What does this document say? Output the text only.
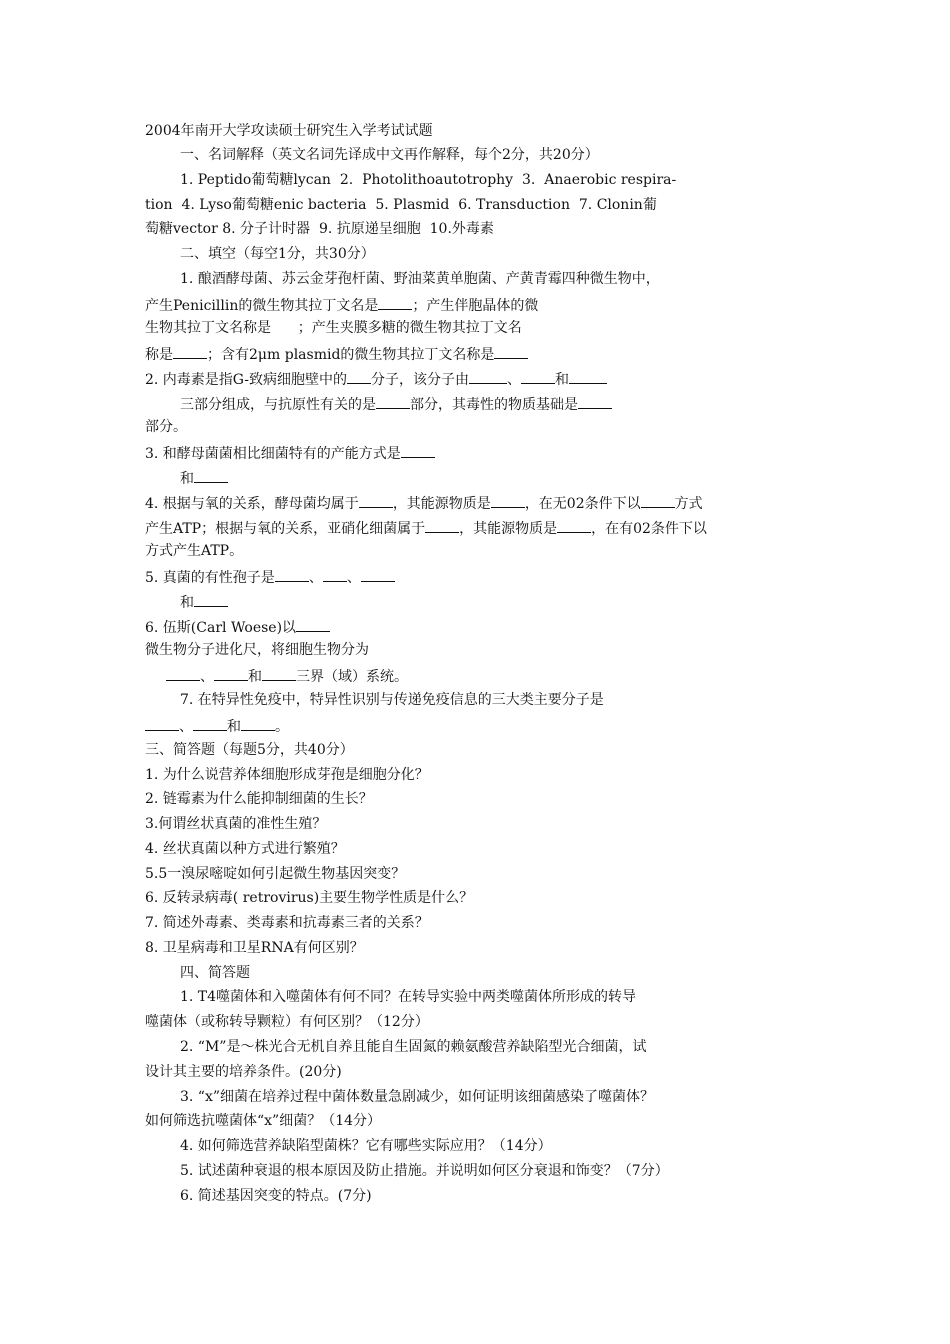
2004年南开大学攻读硕士研究生入学考试试题
一、名词解释（英文名词先译成中文再作解释，每个2分，共20分）
1. Peptido葡萄糖lycan  2.  Photolithoautotrophy  3.  Anaerobic respira-
tion  4. Lyso葡萄糖enic bacteria  5. Plasmid  6. Transduction  7. Clonin葡
萄糖vector 8. 分子计时器  9. 抗原递呈细胞  10.外毒素
二、填空（每空1分，共30分）
1. 酿酒酵母菌、苏云金芽孢杆菌、野油菜黄单胞菌、产黄青霉四种微生物中，
产生Penicillin的微生物其拉丁文名是 ；产生伴胞晶体的微
生物其拉丁文名称是      ；产生夹膜多糖的微生物其拉丁文名
称是 ；含有2μm plasmid的微生物其拉丁文名称是
2. 内毒素是指G-致病细胞壁中的 分子，该分子由	、 和
三部分组成，与抗原性有关的是 部分，其毒性的物质基础是
部分。
3. 和酵母菌菌相比细菌特有的产能方式是
和
4. 根据与氧的关系，酵母菌均属于 ，其能源物质是 ，在无02条件下以 方式
产生ATP；根据与氧的关系，亚硝化细菌属于 ，其能源物质是 ，在有02条件下以
方式产生ATP。
5. 真菌的有性孢子是 、 、
和
6. 伍斯(Carl Woese)以
微生物分子进化尺，将细胞生物分为
、 和 三界（域）系统。
7. 在特异性免疫中，特异性识别与传递免疫信息的三大类主要分子是
、 和 。
三、简答题（每题5分，共40分）
1. 为什么说营养体细胞形成芽孢是细胞分化？
2. 链霉素为什么能抑制细菌的生长？
3.何谓丝状真菌的准性生殖？
4. 丝状真菌以种方式进行繁殖？
5.5一溴尿嘧啶如何引起微生物基因突变？
6. 反转录病毒( retrovirus)主要生物学性质是什么？
7. 简述外毒素、类毒素和抗毒素三者的关系？
8. 卫星病毒和卫星RNA有何区别？
四、简答题
1. T4噬菌体和入噬菌体有何不同？在转导实验中两类噬菌体所形成的转导
噬菌体（或称转导颗粒）有何区别？（12分）
2. “M”是～株光合无机自养且能自生固氮的赖氨酸营养缺陷型光合细菌，试
设计其主要的培养条件。(20分)
3. “x”细菌在培养过程中菌体数量急剧减少，如何证明该细菌感染了噬菌体？
如何筛选抗噬菌体“x”细菌？（14分）
4. 如何筛选营养缺陷型菌株？它有哪些实际应用？（14分）
5. 试述菌种衰退的根本原因及防止措施。并说明如何区分衰退和饰变？（7分）
6. 简述基因突变的特点。(7分)
